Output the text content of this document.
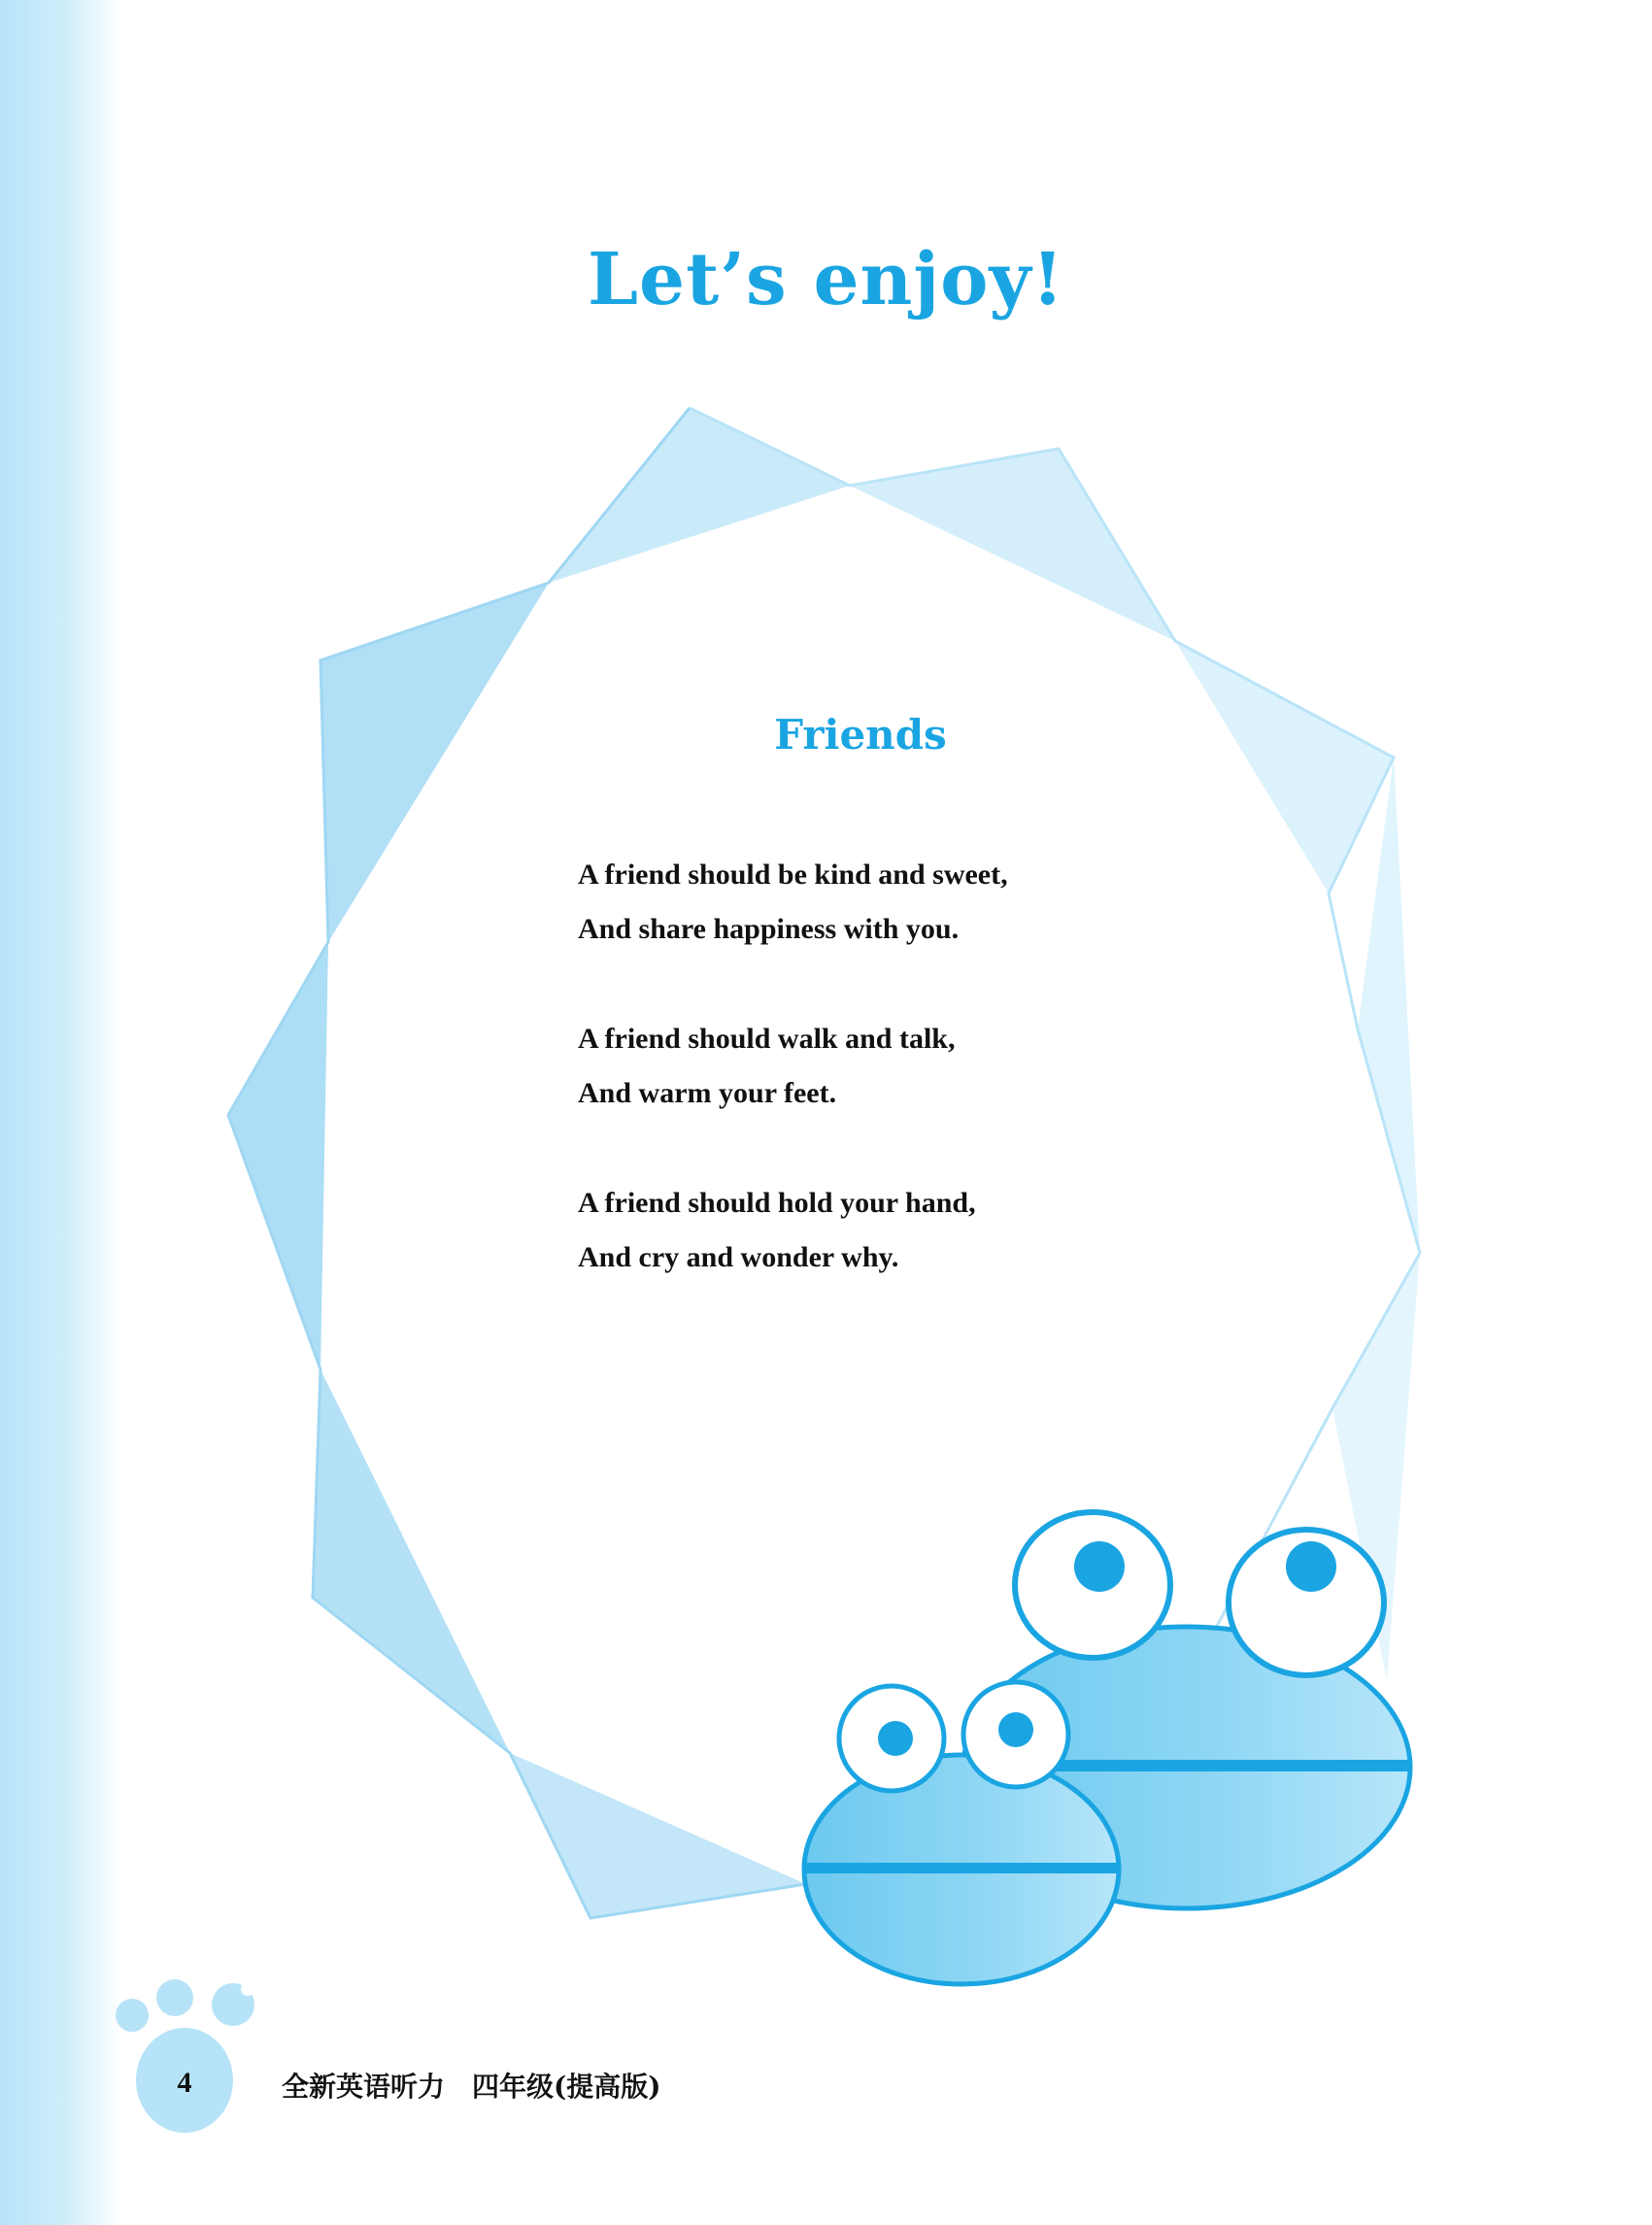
Let’s enjoy!
Friends
A friend should be kind and sweet,
And share happiness with you.
A friend should walk and talk,
And warm your feet.
A friend should hold your hand,
And cry and wonder why.
4	全新英语听力　四年级(提高版)
